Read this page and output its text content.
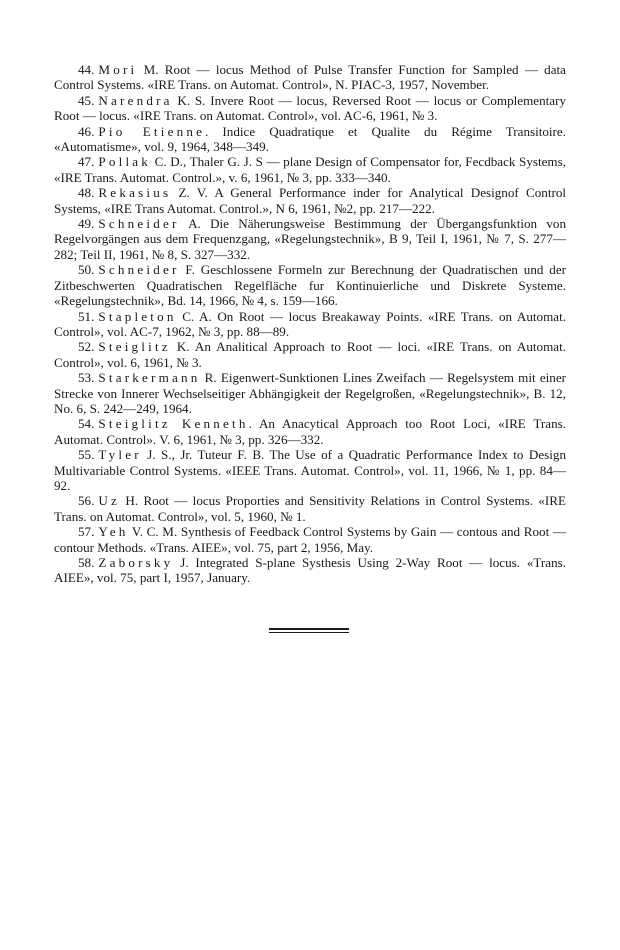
44. Mori M. Root — locus Method of Pulse Transfer Function for Sampled — data Control Systems. «IRE Trans. on Automat. Control», N. PIAC-3, 1957, November.

45. Narendra K. S. Invere Root — locus, Reversed Root — locus or Complementary Root — locus. «IRE Trans. on Automat. Control», vol. AC-6, 1961, № 3.

46. Pio Etienne. Indice Quadratique et Qualite du Régime Transitoire. «Automatisme», vol. 9, 1964, 348—349.

47. Pollak C. D., Thaler G. J. S — plane Design of Compensator for, Fecdback Systems, «IRE Trans. Automat. Control.», v. 6, 1961, № 3, pp. 333—340.

48. Rekasius Z. V. A General Performance inder for Analytical Designof Control Systems, «IRE Trans Automat. Control.», N 6, 1961, №2, pp. 217—222.

49. Schneider A. Die Näherungsweise Bestimmung der Übergangsfunktion von Regelvorgängen aus dem Frequenzgang, «Regelungstechnik», B 9, Teil I, 1961, № 7, S. 277—282; Teil II, 1961, № 8, S. 327—332.

50. Schneider F. Geschlossene Formeln zur Berechnung der Quadratischen und der Zitbeschwerten Quadratischen Regelfläche fur Kontinuierliche und Diskrete Systeme. «Regelungstechnik», Bd. 14, 1966, № 4, s. 159—166.

51. Stapleton C. A. On Root — locus Breakaway Points. «IRE Trans. on Automat. Control», vol. AC-7, 1962, № 3, pp. 88—89.

52. Steiglitz K. An Analitical Approach to Root — loci. «IRE Trans. on Automat. Control», vol. 6, 1961, № 3.

53. Starkermann R. Eigenwert-Sunktionen Lines Zweifach — Regelsystem mit einer Strecke von Innerer Wechselseitiger Abhängigkeit der Regelgroßen, «Regelungstechnik», B. 12, No. 6, S. 242—249, 1964.

54. Steiglitz Kenneth. An Anacytical Approach too Root Loci, «IRE Trans. Automat. Control». V. 6, 1961, № 3, pp. 326—332.

55. Tyler J. S., Jr. Tuteur F. B. The Use of a Quadratic Performance Index to Design Multivariable Control Systems. «IEEE Trans. Automat. Control», vol. 11, 1966, № 1, pp. 84—92.

56. Uz H. Root — locus Proporties and Sensitivity Relations in Control Systems. «IRE Trans. on Automat. Control», vol. 5, 1960, № 1.

57. Yeh V. C. M. Synthesis of Feedback Control Systems by Gain — contous and Root — contour Methods. «Trans. AIEE», vol. 75, part 2, 1956, May.

58. Zaborsky J. Integrated S-plane Systhesis Using 2-Way Root — locus. «Trans. AIEE», vol. 75, part I, 1957, January.
